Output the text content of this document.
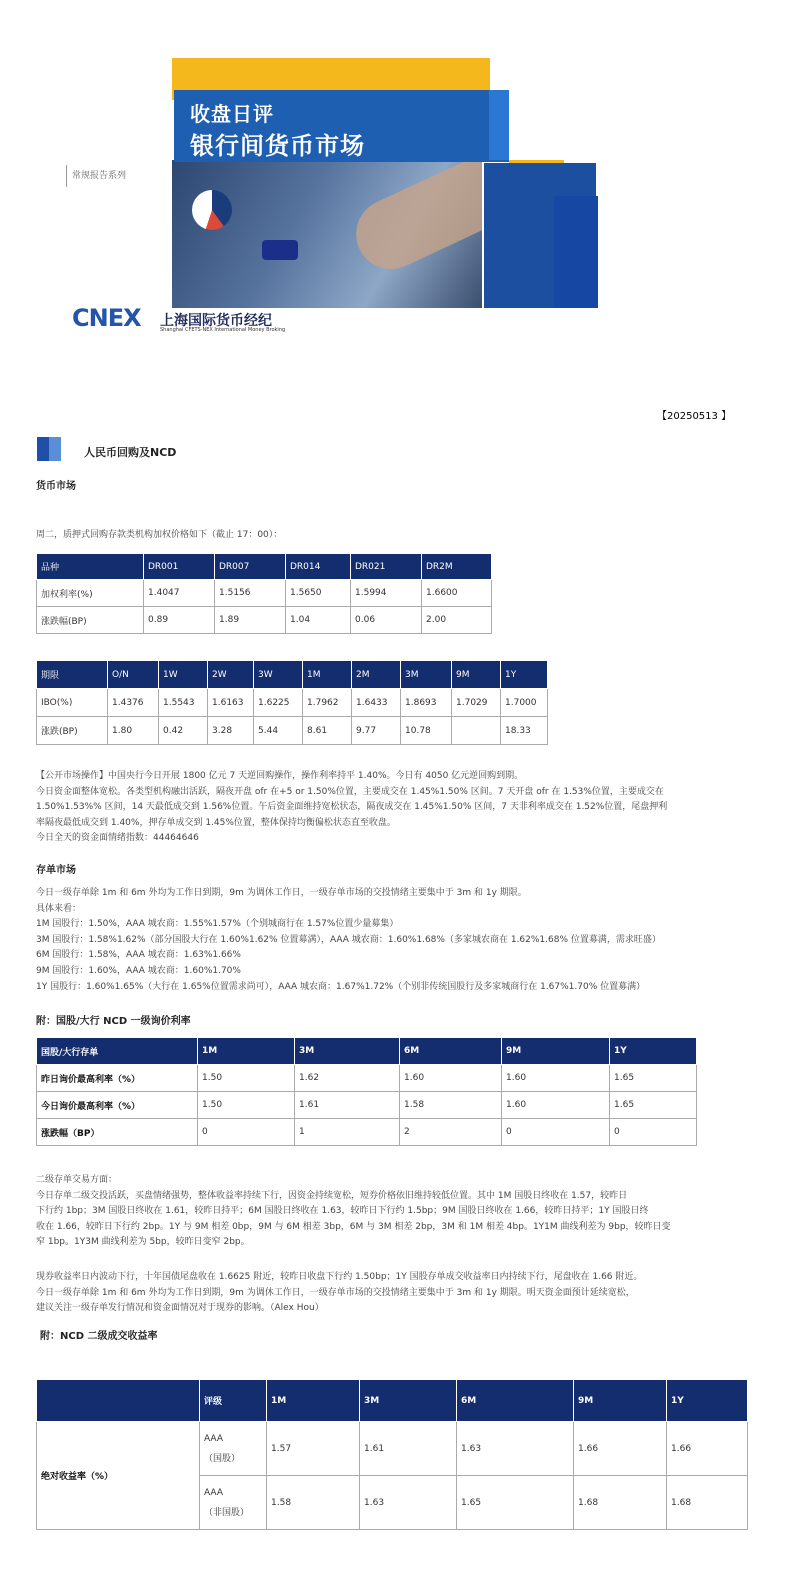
收盘日评
银行间货币市场
常规报告系列
CNEX 上海国际货币经纪
Shanghai CFETS-NEX International Money Broking
【20250513 】
人民币回购及NCD
货币市场
周二，质押式回购存款类机构加权价格如下（截止 17：00）：
品种	DR001	DR007	DR014	DR021	DR2M
加权利率(%)	1.4047	1.5156	1.5650	1.5994	1.6600
涨跌幅(BP)	0.89	1.89	1.04	0.06	2.00
期限	O/N	1W	2W	3W	1M	2M	3M	9M	1Y
IBO(%)	1.4376	1.5543	1.6163	1.6225	1.7962	1.6433	1.8693	1.7029	1.7000
涨跌(BP)	1.80	0.42	3.28	5.44	8.61	9.77	10.78		18.33
【公开市场操作】中国央行今日开展 1800 亿元 7 天逆回购操作，操作利率持平 1.40%。今日有 4050 亿元逆回购到期。
今日资金面整体宽松。各类型机构融出活跃，隔夜开盘 ofr 在+5 or 1.50%位置，主要成交在 1.45%1.50% 区间。7 天开盘 ofr 在 1.53%位置，主要成交在
1.50%1.53%% 区间，14 天最低成交到 1.56%位置。午后资金面维持宽松状态，隔夜成交在 1.45%1.50% 区间，7 天非利率成交在 1.52%位置，尾盘押利
率隔夜最低成交到 1.40%，押存单成交到 1.45%位置，整体保持均衡偏松状态直至收盘。
今日全天的资金面情绪指数：44464646
存单市场
今日一级存单除 1m 和 6m 外均为工作日到期，9m 为调休工作日，一级存单市场的交投情绪主要集中于 3m 和 1y 期限。
具体来看：
1M 国股行：1.50%，AAA 城农商：1.55%1.57%（个别城商行在 1.57%位置少量募集）
3M 国股行：1.58%1.62%（部分国股大行在 1.60%1.62% 位置募满），AAA 城农商：1.60%1.68%（多家城农商在 1.62%1.68% 位置募满，需求旺盛）
6M 国股行：1.58%，AAA 城农商：1.63%1.66%
9M 国股行：1.60%，AAA 城农商：1.60%1.70%
1Y 国股行：1.60%1.65%（大行在 1.65%位置需求尚可），AAA 城农商：1.67%1.72%（个别非传统国股行及多家城商行在 1.67%1.70% 位置募满）
附：国股/大行 NCD 一级询价利率
国股/大行存单	1M	3M	6M	9M	1Y
昨日询价最高利率（%）	1.50	1.62	1.60	1.60	1.65
今日询价最高利率（%）	1.50	1.61	1.58	1.60	1.65
涨跌幅（BP）	0	1	2	0	0
二级存单交易方面：
今日存单二级交投活跃，买盘情绪强势，整体收益率持续下行，因资金持续宽松，短券价格依旧维持较低位置。其中 1M 国股日终收在 1.57，较昨日
下行约 1bp；3M 国股日终收在 1.61，较昨日持平；6M 国股日终收在 1.63，较昨日下行约 1.5bp；9M 国股日终收在 1.66，较昨日持平；1Y 国股日终
收在 1.66，较昨日下行约 2bp。1Y 与 9M 相差 0bp，9M 与 6M 相差 3bp，6M 与 3M 相差 2bp，3M 和 1M 相差 4bp。1Y1M 曲线利差为 9bp，较昨日变
窄 1bp。1Y3M 曲线利差为 5bp，较昨日变窄 2bp。
现券收益率日内波动下行，十年国债尾盘收在 1.6625 附近，较昨日收盘下行约 1.50bp；1Y 国股存单成交收益率日内持续下行，尾盘收在 1.66 附近。
今日一级存单除 1m 和 6m 外均为工作日到期，9m 为调休工作日，一级存单市场的交投情绪主要集中于 3m 和 1y 期限。明天资金面预计延续宽松，
建议关注一级存单发行情况和资金面情况对于现券的影响。（Alex Hou）
附：NCD 二级成交收益率
	评级	1M	3M	6M	9M	1Y
绝对收益率（%）	AAA
（国股）	1.57	1.61	1.63	1.66	1.66

	AAA
（非国股）	1.58	1.63	1.65	1.68	1.68
